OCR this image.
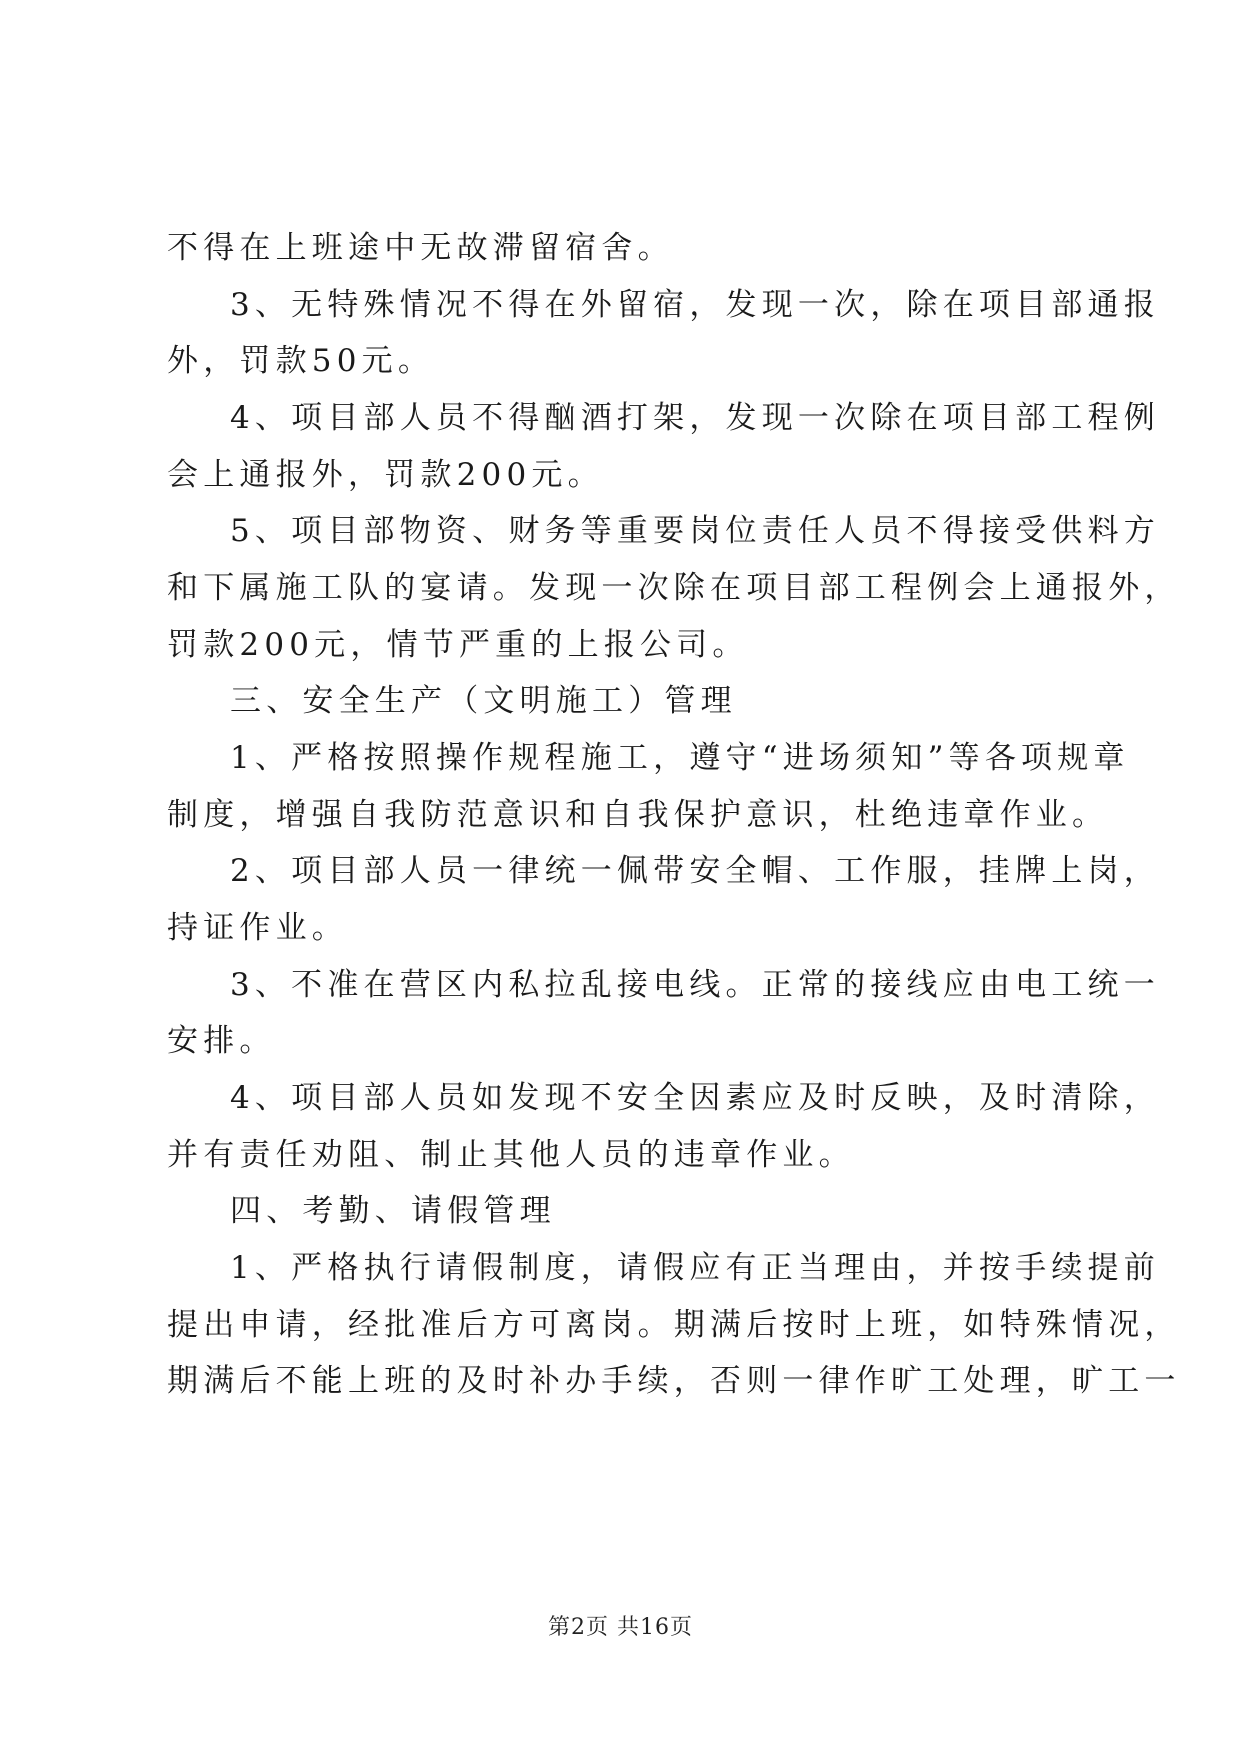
不得在上班途中无故滞留宿舍。
3、无特殊情况不得在外留宿，发现一次，除在项目部通报
外，罚款50元。
4、项目部人员不得酗酒打架，发现一次除在项目部工程例
会上通报外，罚款200元。
5、项目部物资、财务等重要岗位责任人员不得接受供料方
和下属施工队的宴请。发现一次除在项目部工程例会上通报外，
罚款200元，情节严重的上报公司。
三、安全生产（文明施工）管理
1、严格按照操作规程施工，遵守“进场须知”等各项规章
制度，增强自我防范意识和自我保护意识，杜绝违章作业。
2、项目部人员一律统一佩带安全帽、工作服，挂牌上岗，
持证作业。
3、不准在营区内私拉乱接电线。正常的接线应由电工统一
安排。
4、项目部人员如发现不安全因素应及时反映，及时清除，
并有责任劝阻、制止其他人员的违章作业。
四、考勤、请假管理
1、严格执行请假制度，请假应有正当理由，并按手续提前
提出申请，经批准后方可离岗。期满后按时上班，如特殊情况，
期满后不能上班的及时补办手续，否则一律作旷工处理，旷工一
第2页 共16页
